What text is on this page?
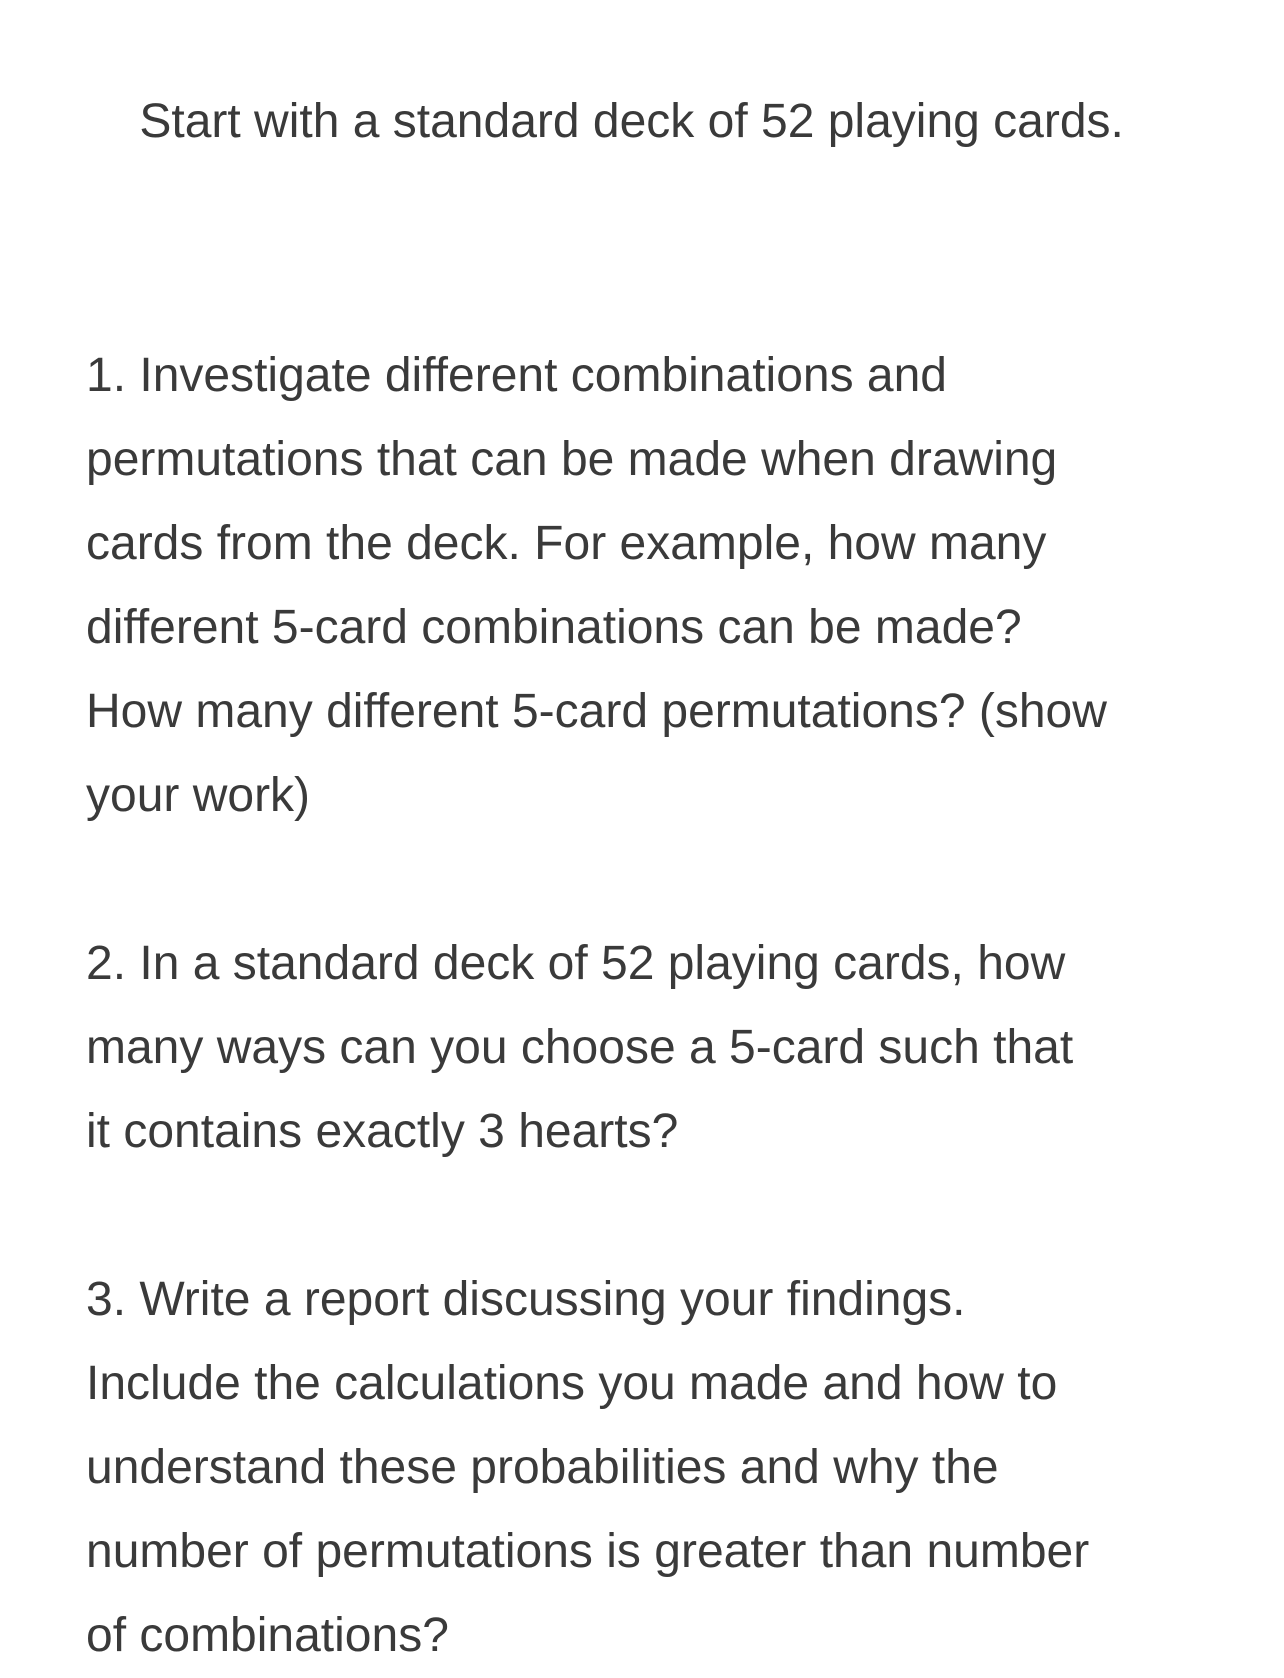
Start with a standard deck of 52 playing cards.

1. Investigate different combinations and
permutations that can be made when drawing
cards from the deck. For example, how many
different 5-card combinations can be made?
How many different 5-card permutations? (show
your work)

2. In a standard deck of 52 playing cards, how
many ways can you choose a 5-card such that
it contains exactly 3 hearts?

3. Write a report discussing your findings.
Include the calculations you made and how to
understand these probabilities and why the
number of permutations is greater than number
of combinations?
